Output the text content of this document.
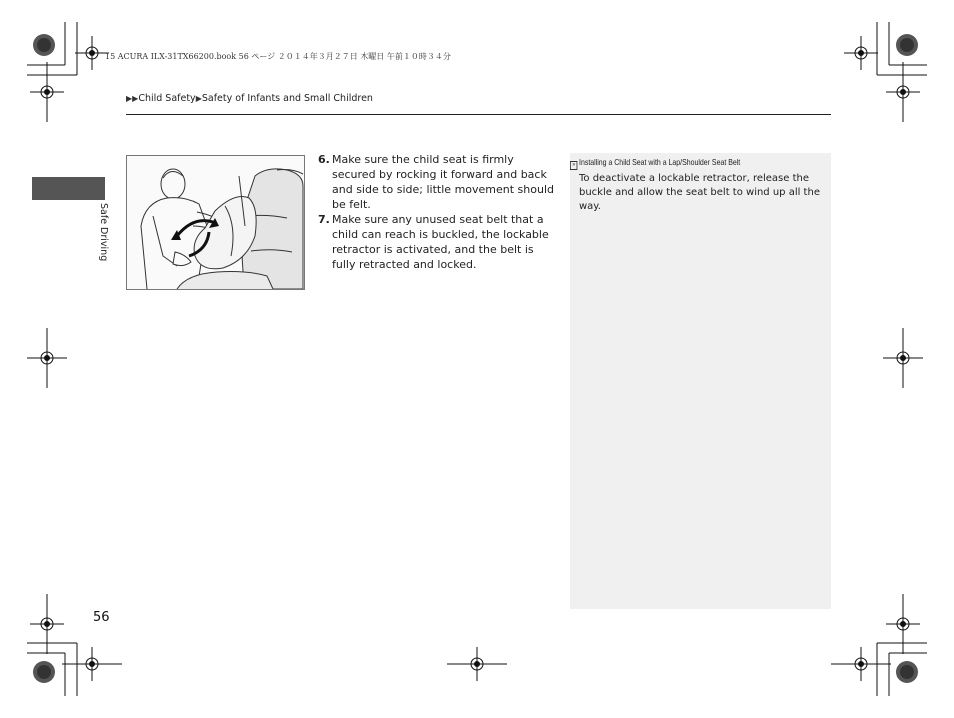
15 ACURA ILX-31TX66200.book 56 ページ ２０１４年３月２７日 木曜日 午前１０時３４分
▶▶Child Safety▶Safety of Infants and Small Children
Safe Driving
6. Make sure the child seat is firmly secured by rocking it forward and back and side to side; little movement should be felt.
7. Make sure any unused seat belt that a child can reach is buckled, the lockable retractor is activated, and the belt is fully retracted and locked.
» Installing a Child Seat with a Lap/Shoulder Seat Belt
To deactivate a lockable retractor, release the buckle and allow the seat belt to wind up all the way.
56
